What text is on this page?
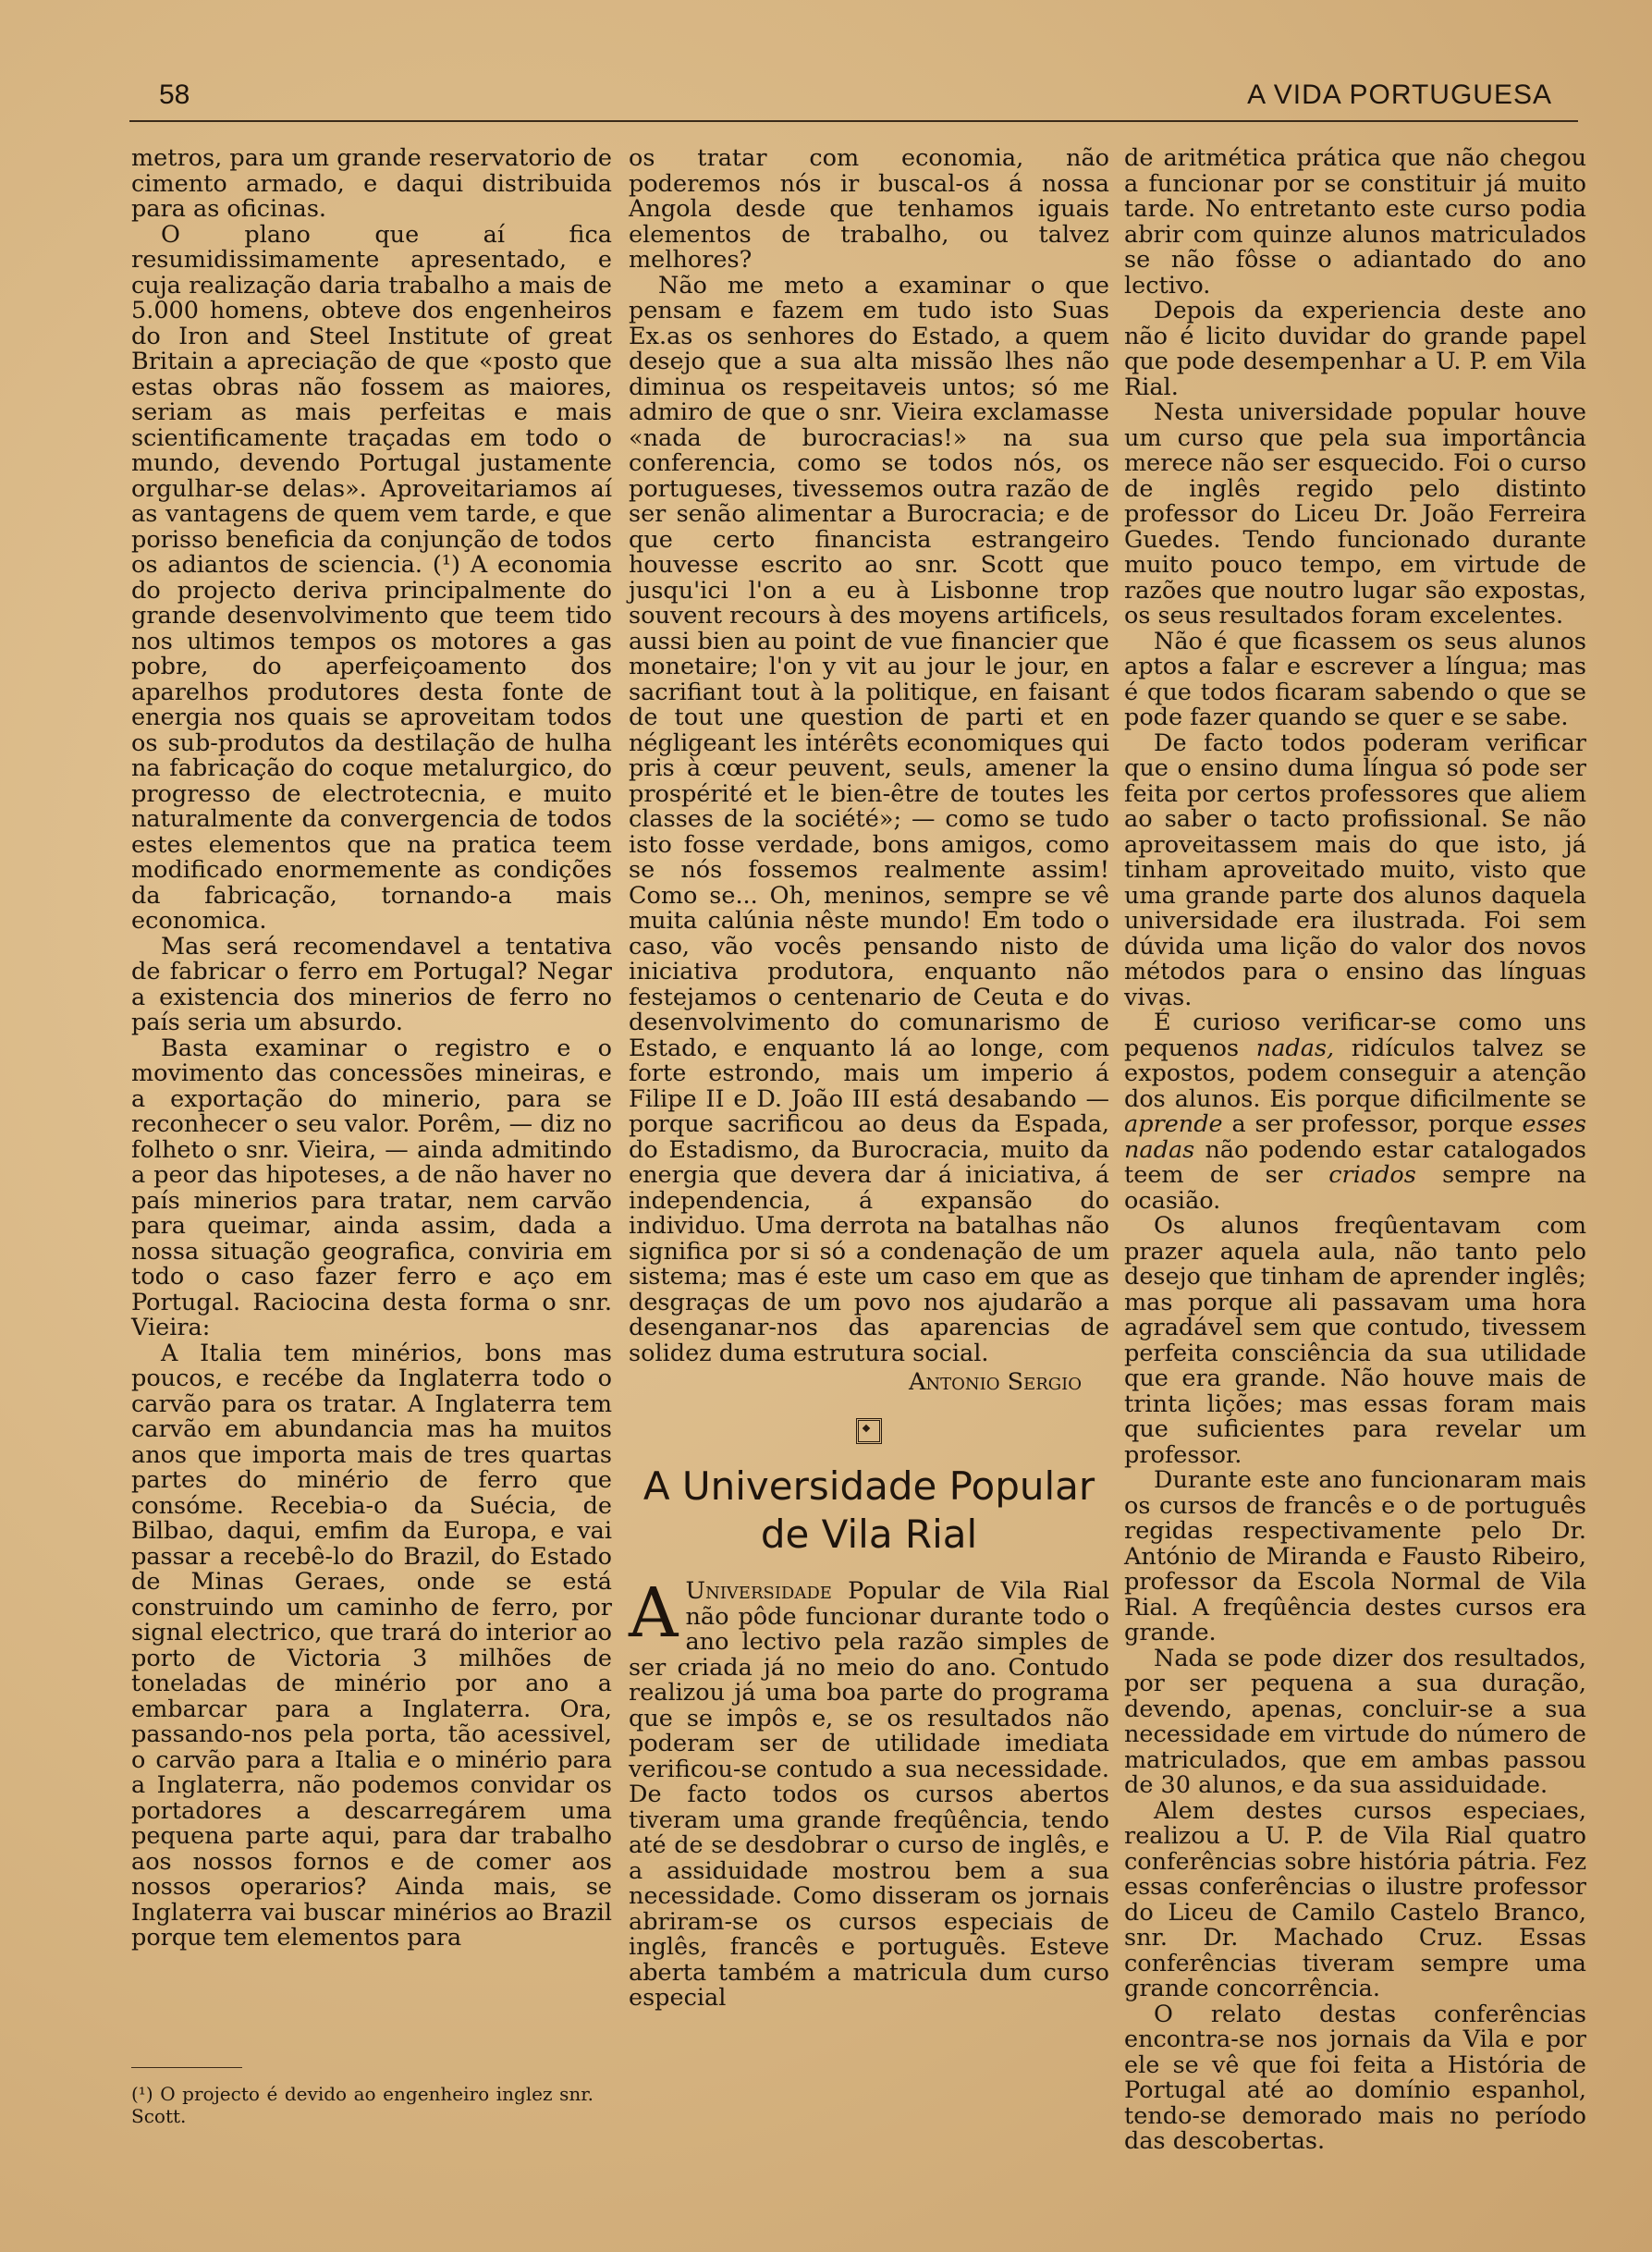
58	A VIDA PORTUGUESA

metros, para um grande reservatorio de cimento armado, e daqui distribuida para as oficinas.

O plano que aí fica resumidissimamente apresentado, e cuja realização daria trabalho a mais de 5.000 homens, obteve dos engenheiros do Iron and Steel Institute of great Britain a apreciação de que «posto que estas obras não fossem as maiores, seriam as mais perfeitas e mais scientificamente traçadas em todo o mundo, devendo Portugal justamente orgulhar-se delas». Aproveitariamos aí as vantagens de quem vem tarde, e que porisso beneficia da conjunção de todos os adiantos de sciencia. (¹) A economia do projecto deriva principalmente do grande desenvolvimento que teem tido nos ultimos tempos os motores a gas pobre, do aperfeiçoamento dos aparelhos produtores desta fonte de energia nos quais se aproveitam todos os sub-produtos da destilação de hulha na fabricação do coque metalurgico, do progresso de electrotecnia, e muito naturalmente da convergencia de todos estes elementos que na pratica teem modificado enormemente as condições da fabricação, tornando-a mais economica.

Mas será recomendavel a tentativa de fabricar o ferro em Portugal? Negar a existencia dos minerios de ferro no país seria um absurdo.

Basta examinar o registro e o movimento das concessões mineiras, e a exportação do minerio, para se reconhecer o seu valor. Porêm, — diz no folheto o snr. Vieira, — ainda admitindo a peor das hipoteses, a de não haver no país minerios para tratar, nem carvão para queimar, ainda assim, dada a nossa situação geografica, conviria em todo o caso fazer ferro e aço em Portugal. Raciocina desta forma o snr. Vieira:

A Italia tem minérios, bons mas poucos, e recébe da Inglaterra todo o carvão para os tratar. A Inglaterra tem carvão em abundancia mas ha muitos anos que importa mais de tres quartas partes do minério de ferro que consóme. Recebia-o da Suécia, de Bilbao, daqui, emfim da Europa, e vai passar a recebê-lo do Brazil, do Estado de Minas Geraes, onde se está construindo um caminho de ferro, por signal electrico, que trará do interior ao porto de Victoria 3 milhões de toneladas de minério por ano a embarcar para a Inglaterra. Ora, passando-nos pela porta, tão acessivel, o carvão para a Italia e o minério para a Inglaterra, não podemos convidar os portadores a descarregárem uma pequena parte aqui, para dar trabalho aos nossos fornos e de comer aos nossos operarios? Ainda mais, se Inglaterra vai buscar minérios ao Brazil porque tem elementos para

(¹) O projecto é devido ao engenheiro inglez snr. Scott.

os tratar com economia, não poderemos nós ir buscal-os á nossa Angola desde que tenhamos iguais elementos de trabalho, ou talvez melhores?

Não me meto a examinar o que pensam e fazem em tudo isto Suas Ex.as os senhores do Estado, a quem desejo que a sua alta missão lhes não diminua os respeitaveis untos; só me admiro de que o snr. Vieira exclamasse «nada de burocracias!» na sua conferencia, como se todos nós, os portugueses, tivessemos outra razão de ser senão alimentar a Burocracia; e de que certo financista estrangeiro houvesse escrito ao snr. Scott que jusqu'ici l'on a eu à Lisbonne trop souvent recours à des moyens artificels, aussi bien au point de vue financier que monetaire; l'on y vit au jour le jour, en sacrifiant tout à la politique, en faisant de tout une question de parti et en négligeant les intérêts economiques qui pris à cœur peuvent, seuls, amener la prospérité et le bien-être de toutes les classes de la société»; — como se tudo isto fosse verdade, bons amigos, como se nós fossemos realmente assim! Como se... Oh, meninos, sempre se vê muita calúnia nêste mundo! Em todo o caso, vão vocês pensando nisto de iniciativa produtora, enquanto não festejamos o centenario de Ceuta e do desenvolvimento do comunarismo de Estado, e enquanto lá ao longe, com forte estrondo, mais um imperio á Filipe II e D. João III está desabando — porque sacrificou ao deus da Espada, do Estadismo, da Burocracia, muito da energia que devera dar á iniciativa, á independencia, á expansão do individuo. Uma derrota na batalhas não significa por si só a condenação de um sistema; mas é este um caso em que as desgraças de um povo nos ajudarão a desenganar-nos das aparencias de solidez duma estrutura social.

Antonio Sergio

A Universidade Popular
de Vila Rial

A Universidade Popular de Vila Rial não pôde funcionar durante todo o ano lectivo pela razão simples de ser criada já no meio do ano. Contudo realizou já uma boa parte do programa que se impôs e, se os resultados não poderam ser de utilidade imediata verificou-se contudo a sua necessidade. De facto todos os cursos abertos tiveram uma grande freqûência, tendo até de se desdobrar o curso de inglês, e a assiduidade mostrou bem a sua necessidade. Como disseram os jornais abriram-se os cursos especiais de inglês, francês e português. Esteve aberta também a matricula dum curso especial

de aritmética prática que não chegou a funcionar por se constituir já muito tarde. No entretanto este curso podia abrir com quinze alunos matriculados se não fôsse o adiantado do ano lectivo.

Depois da experiencia deste ano não é licito duvidar do grande papel que pode desempenhar a U. P. em Vila Rial.

Nesta universidade popular houve um curso que pela sua importância merece não ser esquecido. Foi o curso de inglês regido pelo distinto professor do Liceu Dr. João Ferreira Guedes. Tendo funcionado durante muito pouco tempo, em virtude de razões que noutro lugar são expostas, os seus resultados foram excelentes.

Não é que ficassem os seus alunos aptos a falar e escrever a língua; mas é que todos ficaram sabendo o que se pode fazer quando se quer e se sabe.

De facto todos poderam verificar que o ensino duma língua só pode ser feita por certos professores que aliem ao saber o tacto profissional. Se não aproveitassem mais do que isto, já tinham aproveitado muito, visto que uma grande parte dos alunos daquela universidade era ilustrada. Foi sem dúvida uma lição do valor dos novos métodos para o ensino das línguas vivas.

É curioso verificar-se como uns pequenos nadas, ridículos talvez se expostos, podem conseguir a atenção dos alunos. Eis porque dificilmente se aprende a ser professor, porque esses nadas não podendo estar catalogados teem de ser criados sempre na ocasião.

Os alunos freqûentavam com prazer aquela aula, não tanto pelo desejo que tinham de aprender inglês; mas porque ali passavam uma hora agradável sem que contudo, tivessem perfeita consciência da sua utilidade que era grande. Não houve mais de trinta lições; mas essas foram mais que suficientes para revelar um professor.

Durante este ano funcionaram mais os cursos de francês e o de português regidas respectivamente pelo Dr. António de Miranda e Fausto Ribeiro, professor da Escola Normal de Vila Rial. A freqûência destes cursos era grande.

Nada se pode dizer dos resultados, por ser pequena a sua duração, devendo, apenas, concluir-se a sua necessidade em virtude do número de matriculados, que em ambas passou de 30 alunos, e da sua assiduidade.

Alem destes cursos especiaes, realizou a U. P. de Vila Rial quatro conferências sobre história pátria. Fez essas conferências o ilustre professor do Liceu de Camilo Castelo Branco, snr. Dr. Machado Cruz. Essas conferências tiveram sempre uma grande concorrência.

O relato destas conferências encontra-se nos jornais da Vila e por ele se vê que foi feita a História de Portugal até ao domínio espanhol, tendo-se demorado mais no período das descobertas.
